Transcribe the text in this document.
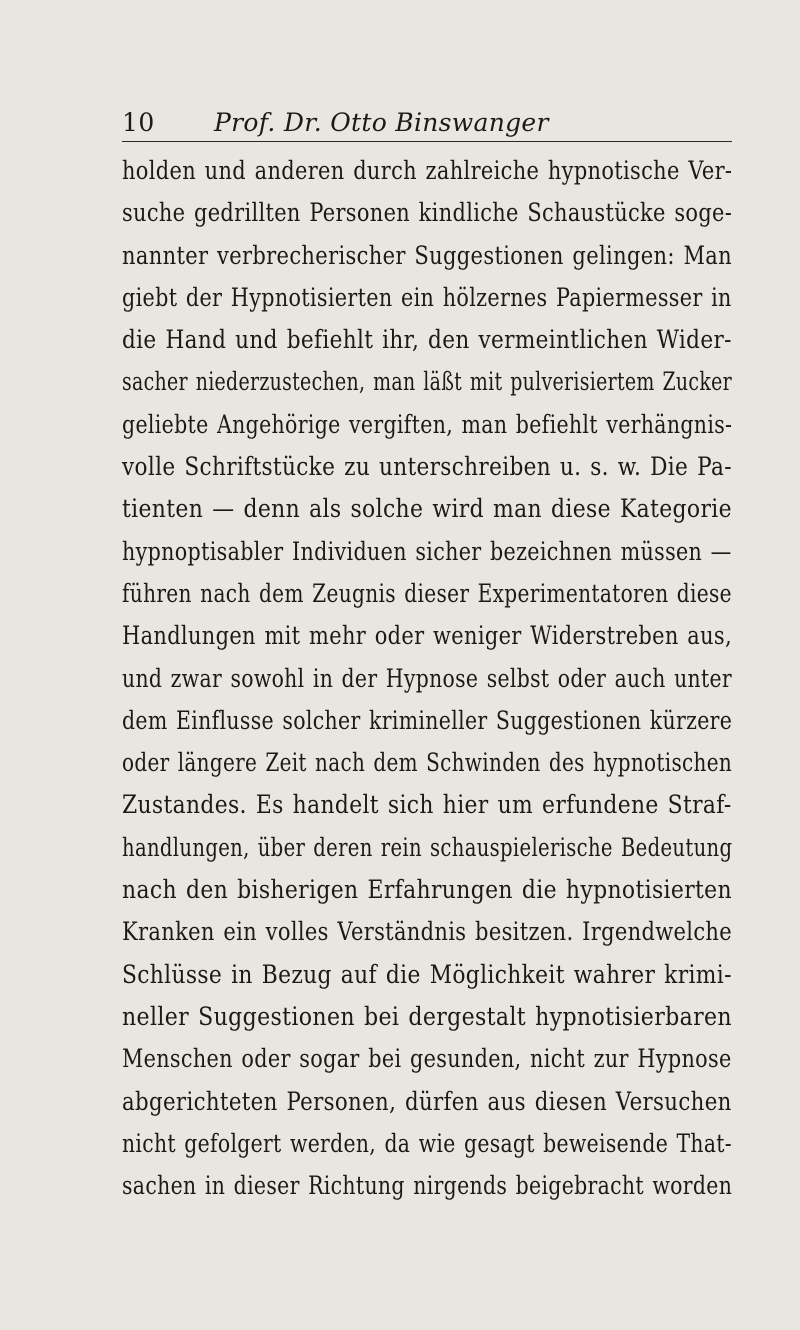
10 Prof. Dr. Otto Binswanger
holden und anderen durch zahlreiche hypnotische Ver-
suche gedrillten Personen kindliche Schaustücke soge-
nannter verbrecherischer Suggestionen gelingen: Man
giebt der Hypnotisierten ein hölzernes Papiermesser in
die Hand und befiehlt ihr, den vermeintlichen Wider-
sacher niederzustechen, man läßt mit pulverisiertem Zucker
geliebte Angehörige vergiften, man befiehlt verhängnis-
volle Schriftstücke zu unterschreiben u. s. w. Die Pa-
tienten — denn als solche wird man diese Kategorie
hypnoptisabler Individuen sicher bezeichnen müssen —
führen nach dem Zeugnis dieser Experimentatoren diese
Handlungen mit mehr oder weniger Widerstreben aus,
und zwar sowohl in der Hypnose selbst oder auch unter
dem Einflusse solcher krimineller Suggestionen kürzere
oder längere Zeit nach dem Schwinden des hypnotischen
Zustandes. Es handelt sich hier um erfundene Straf-
handlungen, über deren rein schauspielerische Bedeutung
nach den bisherigen Erfahrungen die hypnotisierten
Kranken ein volles Verständnis besitzen. Irgendwelche
Schlüsse in Bezug auf die Möglichkeit wahrer krimi-
neller Suggestionen bei dergestalt hypnotisierbaren
Menschen oder sogar bei gesunden, nicht zur Hypnose
abgerichteten Personen, dürfen aus diesen Versuchen
nicht gefolgert werden, da wie gesagt beweisende That-
sachen in dieser Richtung nirgends beigebracht worden
